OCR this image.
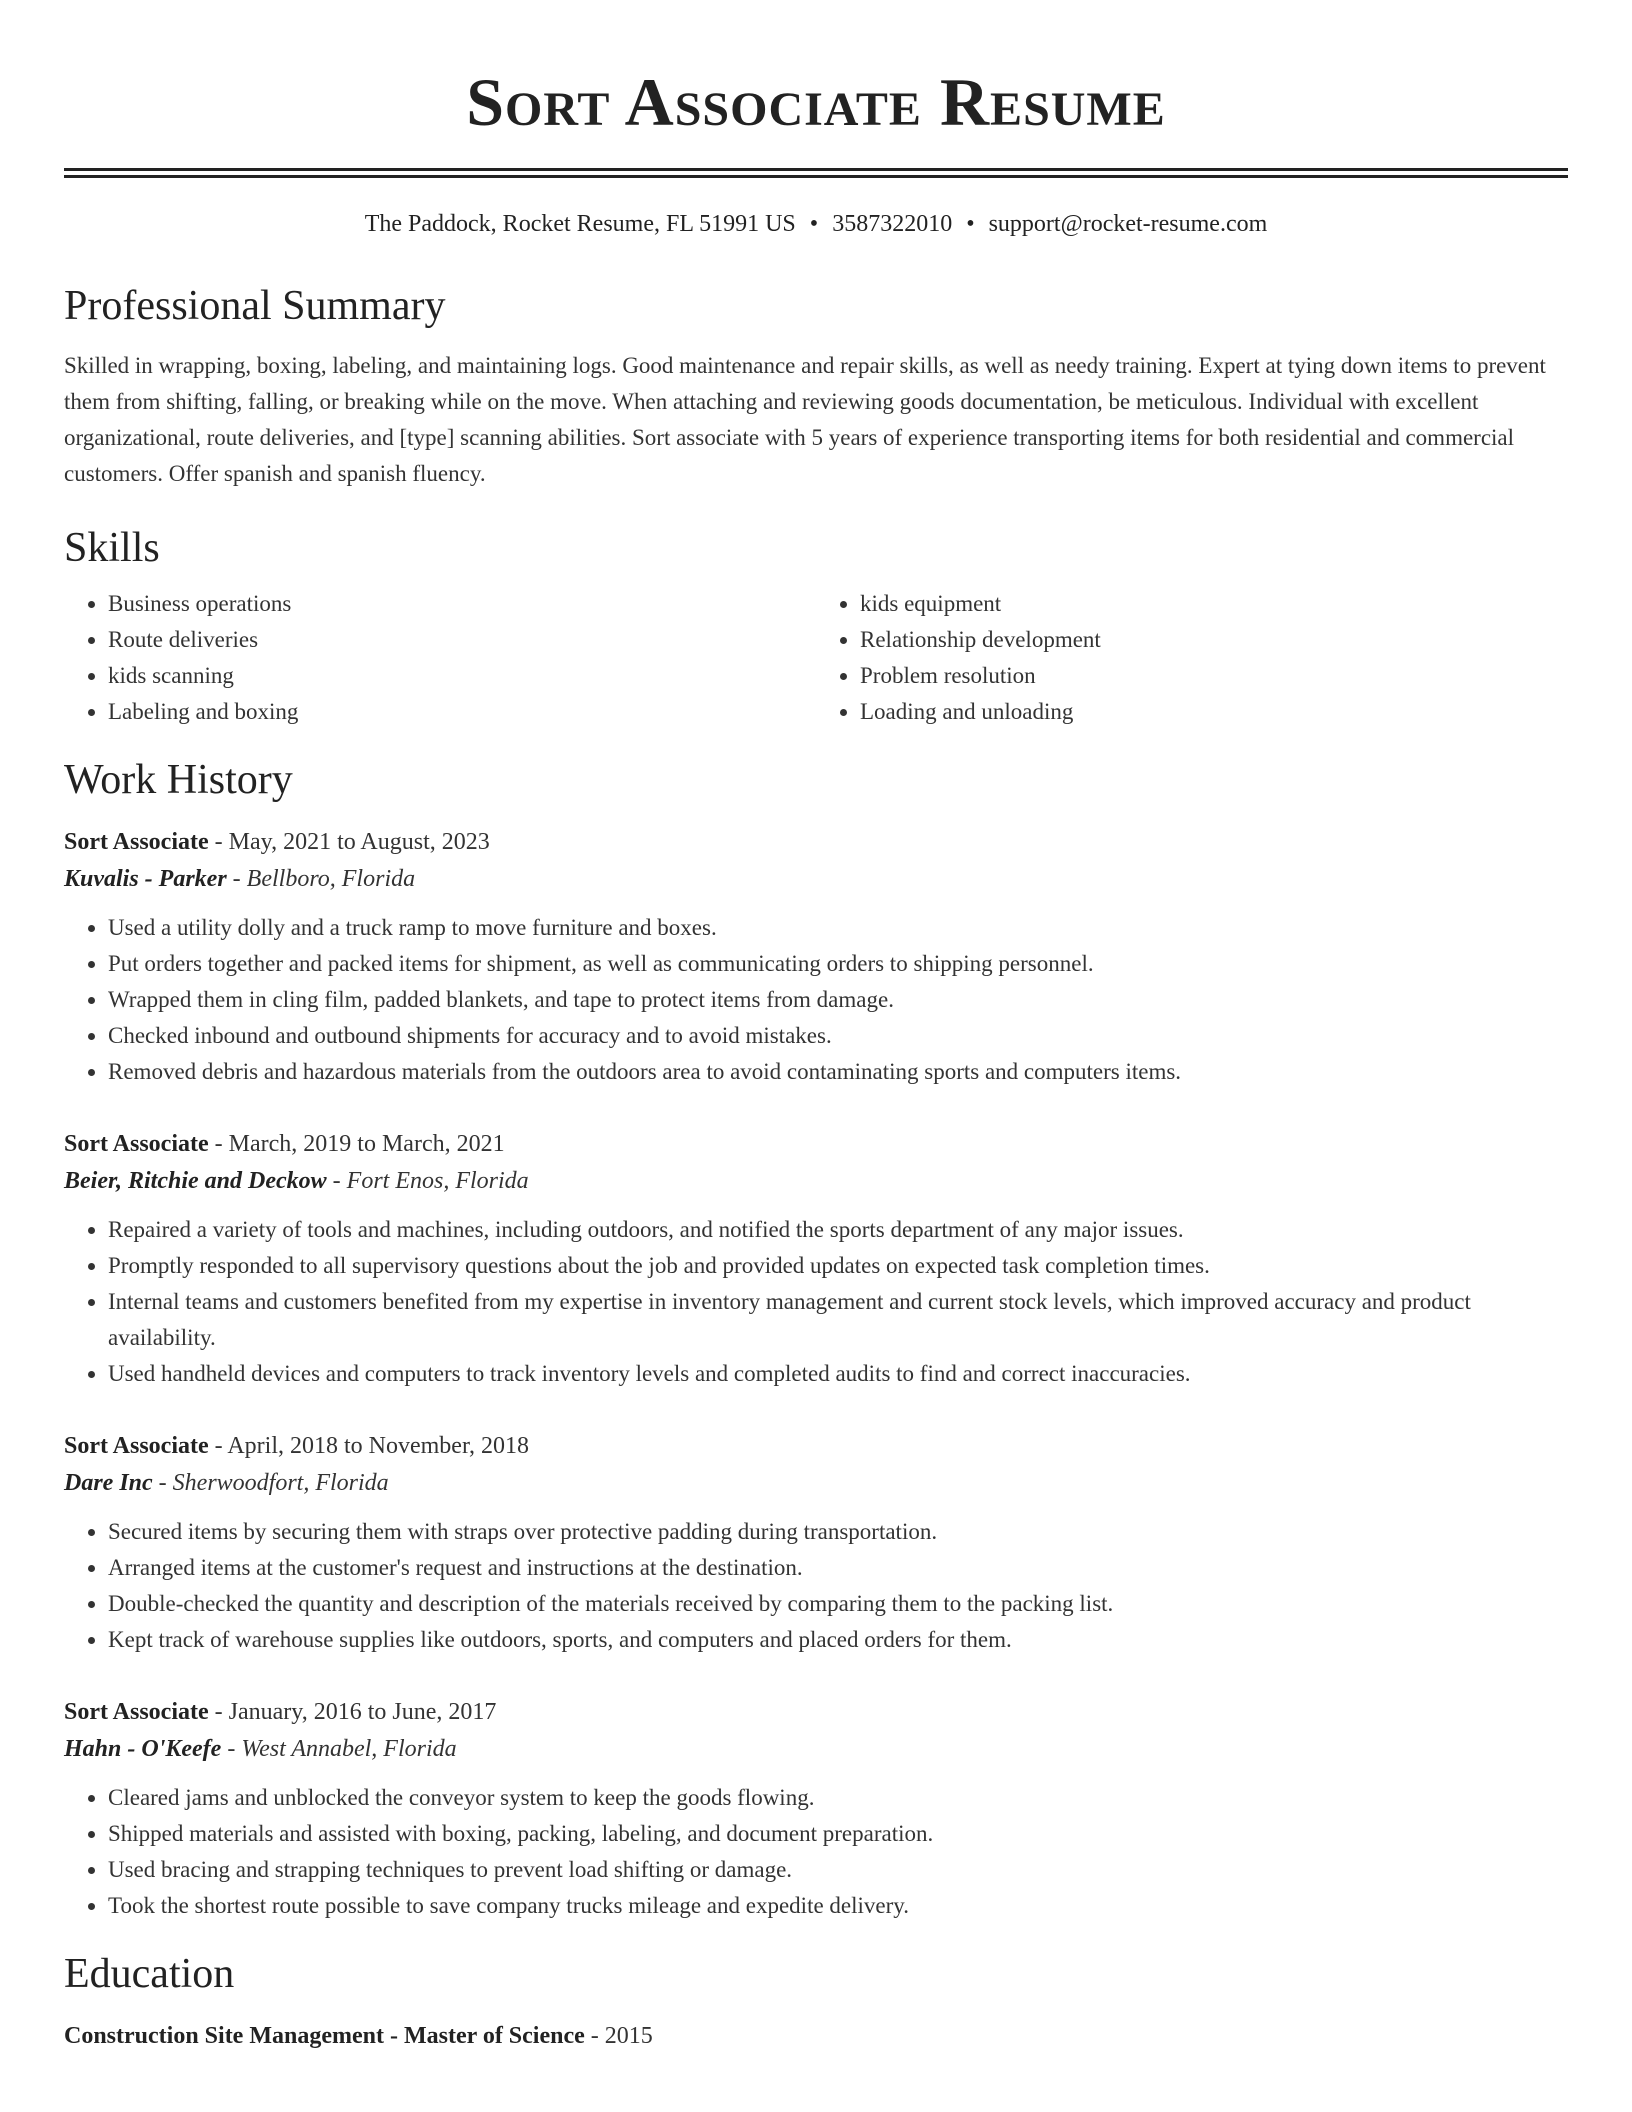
Sort Associate Resume
The Paddock, Rocket Resume, FL 51991 US • 3587322010 • support@rocket-resume.com
Professional Summary

Skilled in wrapping, boxing, labeling, and maintaining logs. Good maintenance and repair skills, as well as needy training. Expert at tying down items to prevent them from shifting, falling, or breaking while on the move. When attaching and reviewing goods documentation, be meticulous. Individual with excellent organizational, route deliveries, and [type] scanning abilities. Sort associate with 5 years of experience transporting items for both residential and commercial customers. Offer spanish and spanish fluency.

Skills
• Business operations
• Route deliveries
• kids scanning
• Labeling and boxing
• kids equipment
• Relationship development
• Problem resolution
• Loading and unloading
Work History
Sort Associate - May, 2021 to August, 2023
Kuvalis - Parker - Bellboro, Florida
• Used a utility dolly and a truck ramp to move furniture and boxes.
• Put orders together and packed items for shipment, as well as communicating orders to shipping personnel.
• Wrapped them in cling film, padded blankets, and tape to protect items from damage.
• Checked inbound and outbound shipments for accuracy and to avoid mistakes.
• Removed debris and hazardous materials from the outdoors area to avoid contaminating sports and computers items.
Sort Associate - March, 2019 to March, 2021
Beier, Ritchie and Deckow - Fort Enos, Florida
• Repaired a variety of tools and machines, including outdoors, and notified the sports department of any major issues.
• Promptly responded to all supervisory questions about the job and provided updates on expected task completion times.
• Internal teams and customers benefited from my expertise in inventory management and current stock levels, which improved accuracy and product availability.
• Used handheld devices and computers to track inventory levels and completed audits to find and correct inaccuracies.
Sort Associate - April, 2018 to November, 2018
Dare Inc - Sherwoodfort, Florida
• Secured items by securing them with straps over protective padding during transportation.
• Arranged items at the customer's request and instructions at the destination.
• Double-checked the quantity and description of the materials received by comparing them to the packing list.
• Kept track of warehouse supplies like outdoors, sports, and computers and placed orders for them.
Sort Associate - January, 2016 to June, 2017
Hahn - O'Keefe - West Annabel, Florida
• Cleared jams and unblocked the conveyor system to keep the goods flowing.
• Shipped materials and assisted with boxing, packing, labeling, and document preparation.
• Used bracing and strapping techniques to prevent load shifting or damage.
• Took the shortest route possible to save company trucks mileage and expedite delivery.
Education
Construction Site Management - Master of Science - 2015
